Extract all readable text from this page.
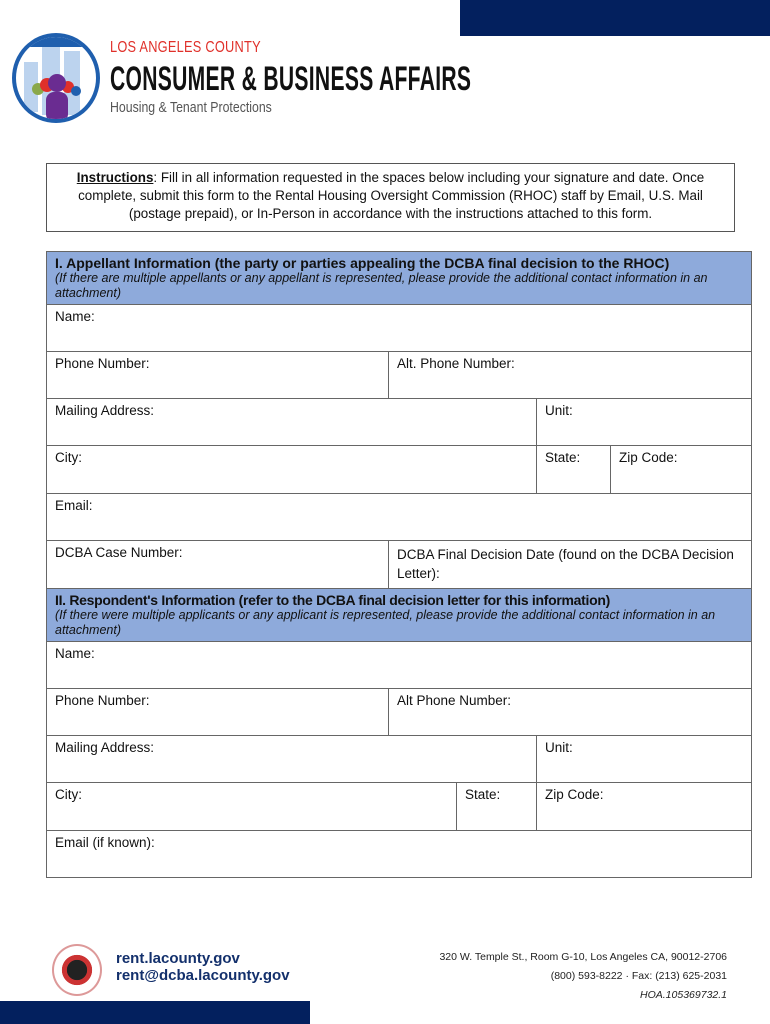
LOS ANGELES COUNTY
CONSUMER & BUSINESS AFFAIRS
Housing & Tenant Protections
Instructions: Fill in all information requested in the spaces below including your signature and date. Once complete, submit this form to the Rental Housing Oversight Commission (RHOC) staff by Email, U.S. Mail (postage prepaid), or In-Person in accordance with the instructions attached to this form.
I. Appellant Information (the party or parties appealing the DCBA final decision to the RHOC)
(If there are multiple appellants or any appellant is represented, please provide the additional contact information in an attachment)
Name:
Phone Number:	Alt. Phone Number:
Mailing Address:	Unit:
City:	State:	Zip Code:
Email:
DCBA Case Number:	DCBA Final Decision Date (found on the DCBA Decision Letter):
II. Respondent's Information (refer to the DCBA final decision letter for this information)
(If there were multiple applicants or any applicant is represented, please provide the additional contact information in an attachment)
Name:
Phone Number:	Alt Phone Number:
Mailing Address:	Unit:
City:	State:	Zip Code:
Email (if known):
rent.lacounty.gov
rent@dcba.lacounty.gov
320 W. Temple St., Room G-10, Los Angeles CA, 90012-2706
(800) 593-8222 · Fax: (213) 625-2031
HOA.105369732.1
